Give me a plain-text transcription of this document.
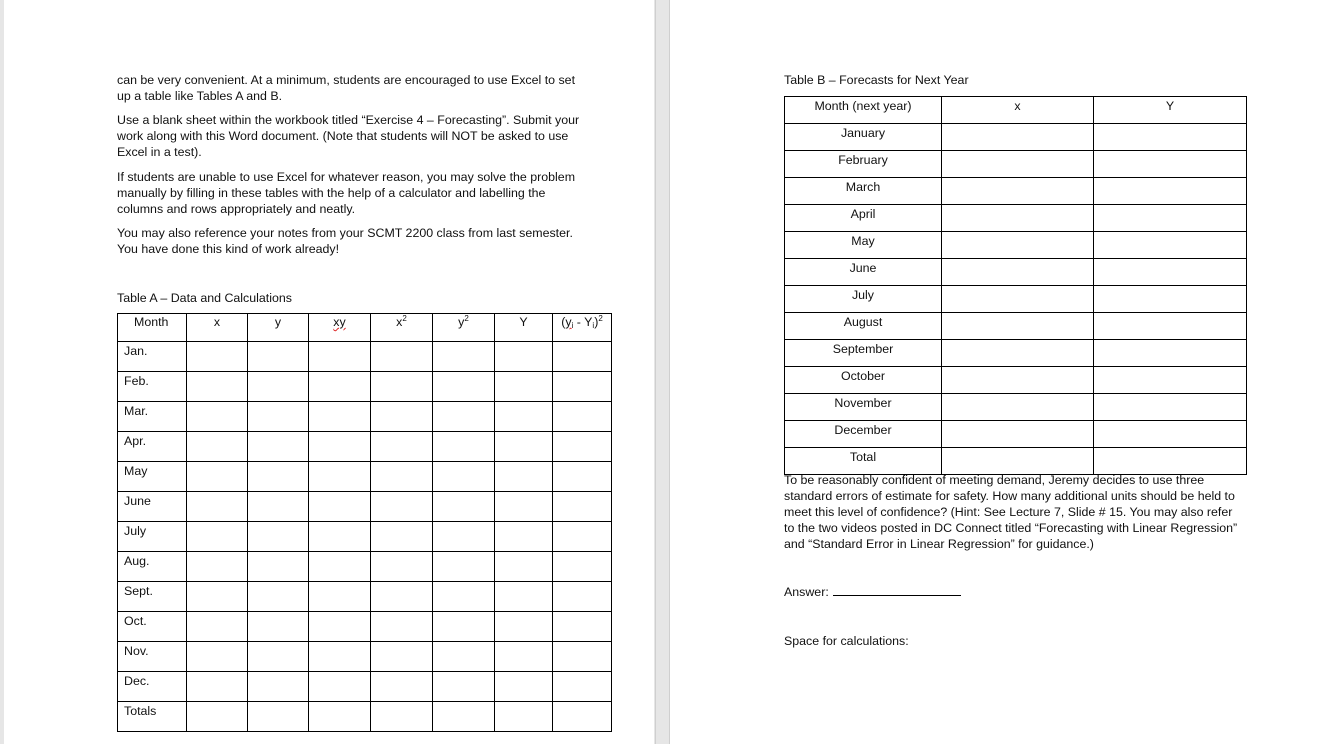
can be very convenient. At a minimum, students are encouraged to use Excel to set up a table like Tables A and B.

Use a blank sheet within the workbook titled “Exercise 4 – Forecasting”. Submit your work along with this Word document. (Note that students will NOT be asked to use Excel in a test).

If students are unable to use Excel for whatever reason, you may solve the problem manually by filling in these tables with the help of a calculator and labelling the columns and rows appropriately and neatly.

You may also reference your notes from your SCMT 2200 class from last semester. You have done this kind of work already!

Table A – Data and Calculations
Month	x	y	xy	$x^2$	$y^2$	Y	$(y_i - Y_i)^2$
Jan.							
Feb.							
Mar.							
Apr.							
May							
June							
July							
Aug.							
Sept.							
Oct.							
Nov.							
Dec.							
Totals							
Table B – Forecasts for Next Year
Month (next year)	x	Y
January		
February		
March		
April		
May		
June		
July		
August		
September		
October		
November		
December		
Total		

To be reasonably confident of meeting demand, Jeremy decides to use three standard errors of estimate for safety. How many additional units should be held to meet this level of confidence? (Hint: See Lecture 7, Slide # 15. You may also refer to the two videos posted in DC Connect titled “Forecasting with Linear Regression” and “Standard Error in Linear Regression” for guidance.)

Answer:
Space for calculations:
